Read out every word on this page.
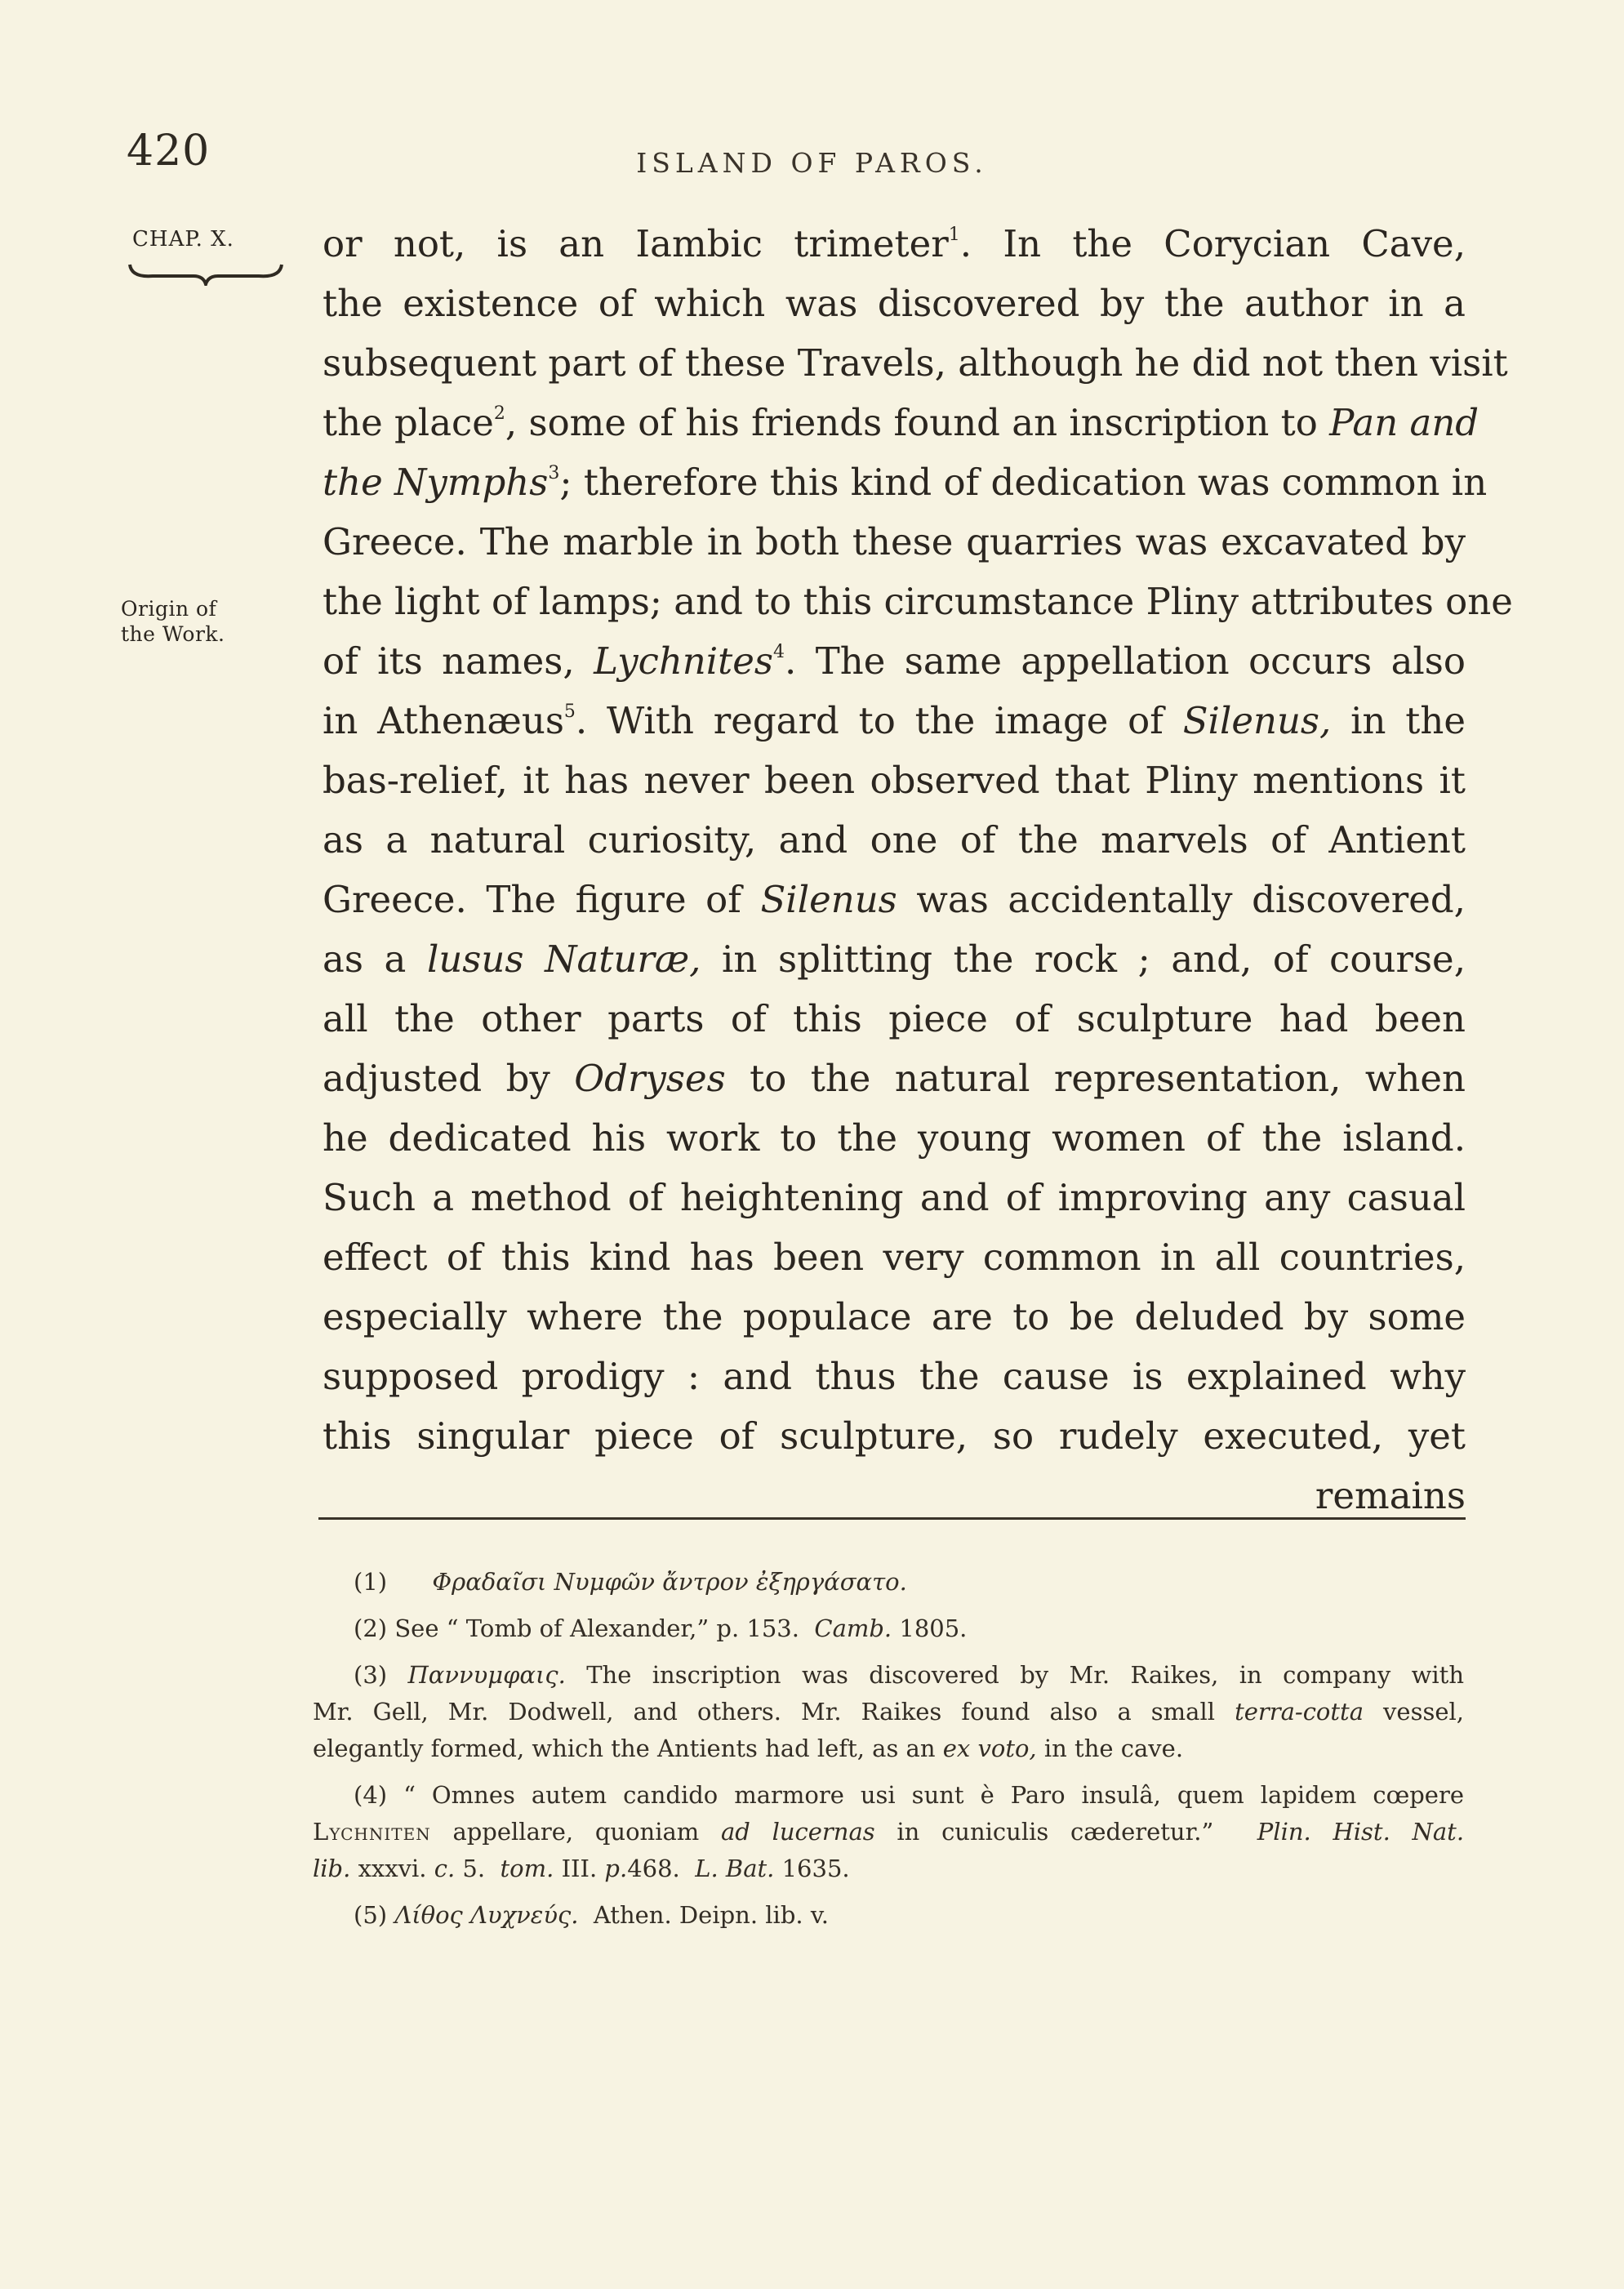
420	ISLAND OF PAROS.
CHAP. X.
Origin of
the Work.
or not, is an Iambic trimeter$^1$. In the Corycian Cave,
the existence of which was discovered by the author in a
subsequent part of these Travels, although he did not then visit
the place$^2$, some of his friends found an inscription to Pan and
the Nymphs$^3$; therefore this kind of dedication was common in
Greece. The marble in both these quarries was excavated by
the light of lamps; and to this circumstance Pliny attributes one
of its names, Lychnites$^4$. The same appellation occurs also
in Athenæus$^5$. With regard to the image of Silenus, in the
bas-relief, it has never been observed that Pliny mentions it
as a natural curiosity, and one of the marvels of Antient
Greece. The figure of Silenus was accidentally discovered,
as a lusus Naturæ, in splitting the rock ; and, of course,
all the other parts of this piece of sculpture had been
adjusted by Odryses to the natural representation, when
he dedicated his work to the young women of the island.
Such a method of heightening and of improving any casual
effect of this kind has been very common in all countries,
especially where the populace are to be deluded by some
supposed prodigy : and thus the cause is explained why
this singular piece of sculpture, so rudely executed, yet
remains
(1) Φραδαῖσι Νυμφῶν ἄντρον ἐξηργάσατο.
(2) See “ Tomb of Alexander,” p. 153. Camb. 1805.
(3) Παννυμφαις. The inscription was discovered by Mr. Raikes, in company with
Mr. Gell, Mr. Dodwell, and others. Mr. Raikes found also a small terra-cotta vessel,
elegantly formed, which the Antients had left, as an ex voto, in the cave.
(4) “ Omnes autem candido marmore usi sunt è Paro insulâ, quem lapidem cœpere
Lychniten appellare, quoniam ad lucernas in cuniculis cæderetur.” Plin. Hist. Nat.
lib. xxxvi. c. 5. tom. III. p.468. L. Bat. 1635.
(5) Λίθος Λυχνεύς. Athen. Deipn. lib. v.
